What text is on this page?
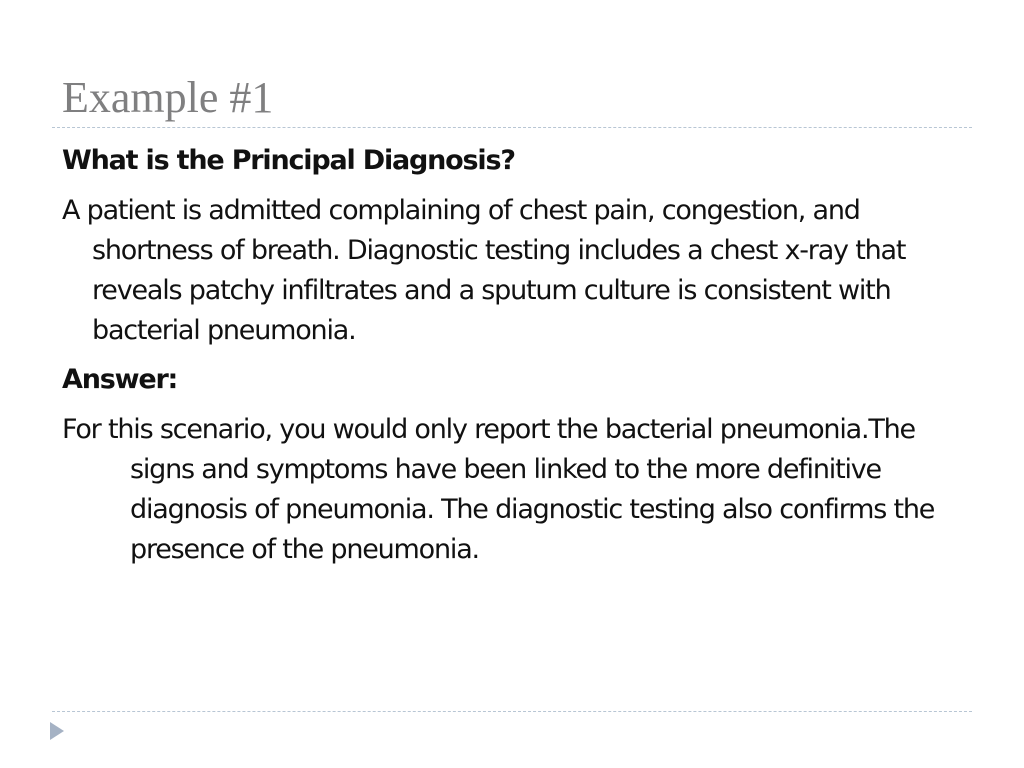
Example #1

What is the Principal Diagnosis?

A patient is admitted complaining of chest pain, congestion, and shortness of breath. Diagnostic testing includes a chest x-ray that reveals patchy infiltrates and a sputum culture is consistent with bacterial pneumonia.

Answer:

For this scenario, you would only report the bacterial pneumonia.The signs and symptoms have been linked to the more definitive diagnosis of pneumonia. The diagnostic testing also confirms the presence of the pneumonia.
